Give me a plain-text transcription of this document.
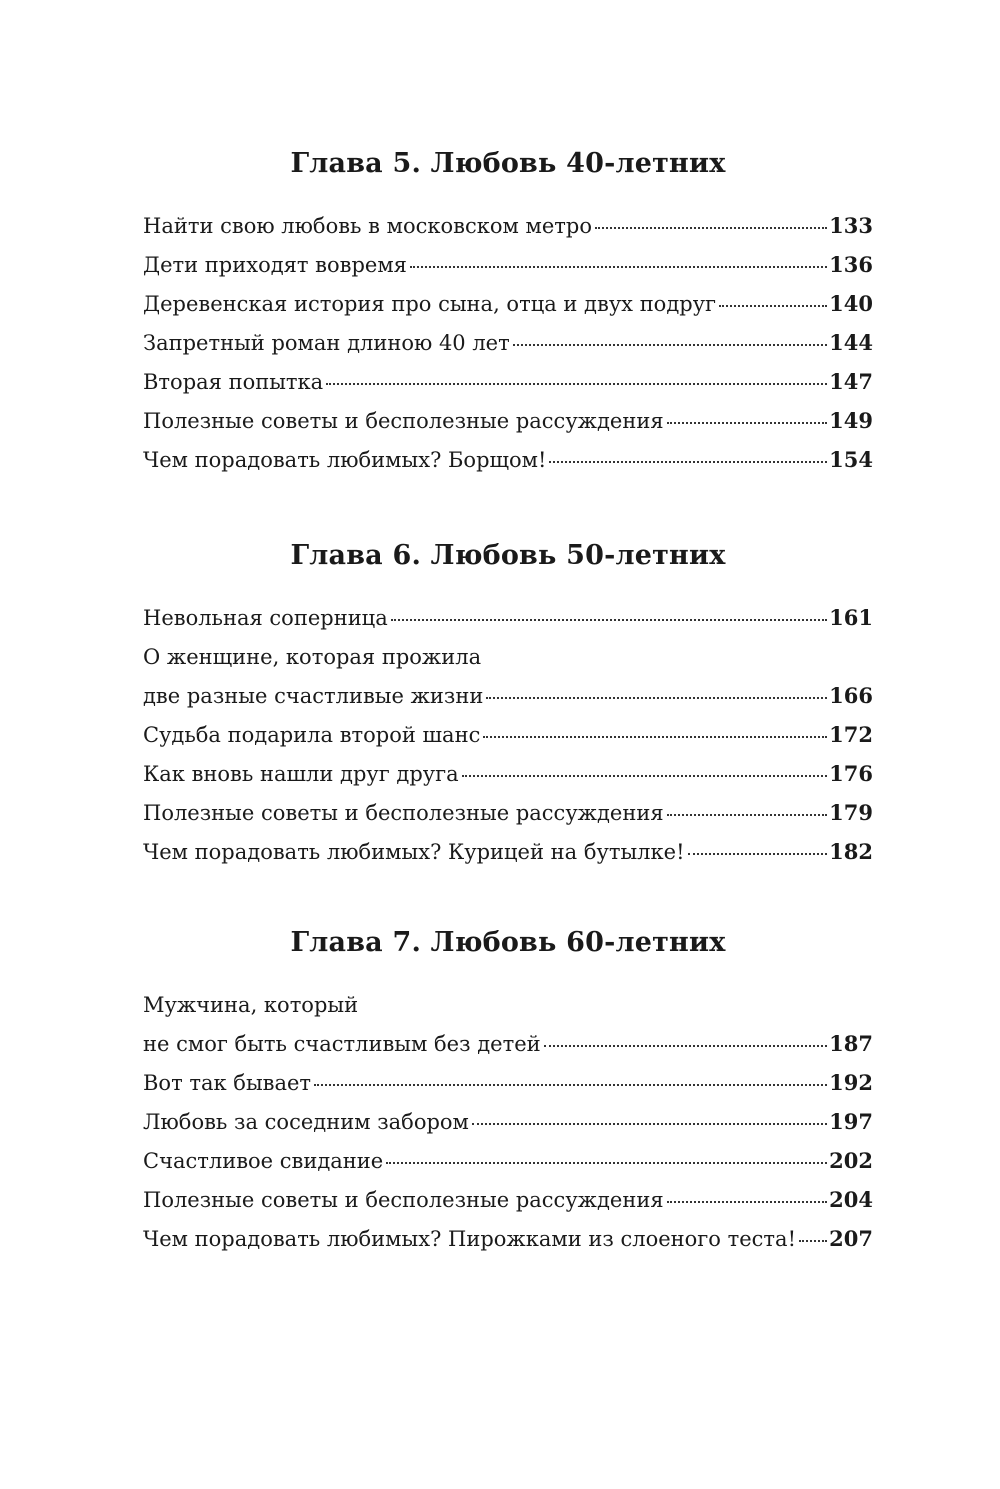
Глава 5. Любовь 40-летних
Найти свою любовь в московском метро	133
Дети приходят вовремя	136
Деревенская история про сына, отца и двух подруг	140
Запретный роман длиною 40 лет	144
Вторая попытка	147
Полезные советы и бесполезные рассуждения	149
Чем порадовать любимых? Борщом!	154
Глава 6. Любовь 50-летних
Невольная соперница	161
О женщине, которая прожила
две разные счастливые жизни	166
Судьба подарила второй шанс	172
Как вновь нашли друг друга	176
Полезные советы и бесполезные рассуждения	179
Чем порадовать любимых? Курицей на бутылке!	182
Глава 7. Любовь 60-летних
Мужчина, который
не смог быть счастливым без детей	187
Вот так бывает	192
Любовь за соседним забором	197
Счастливое свидание	202
Полезные советы и бесполезные рассуждения	204
Чем порадовать любимых? Пирожками из слоеного теста! 207
